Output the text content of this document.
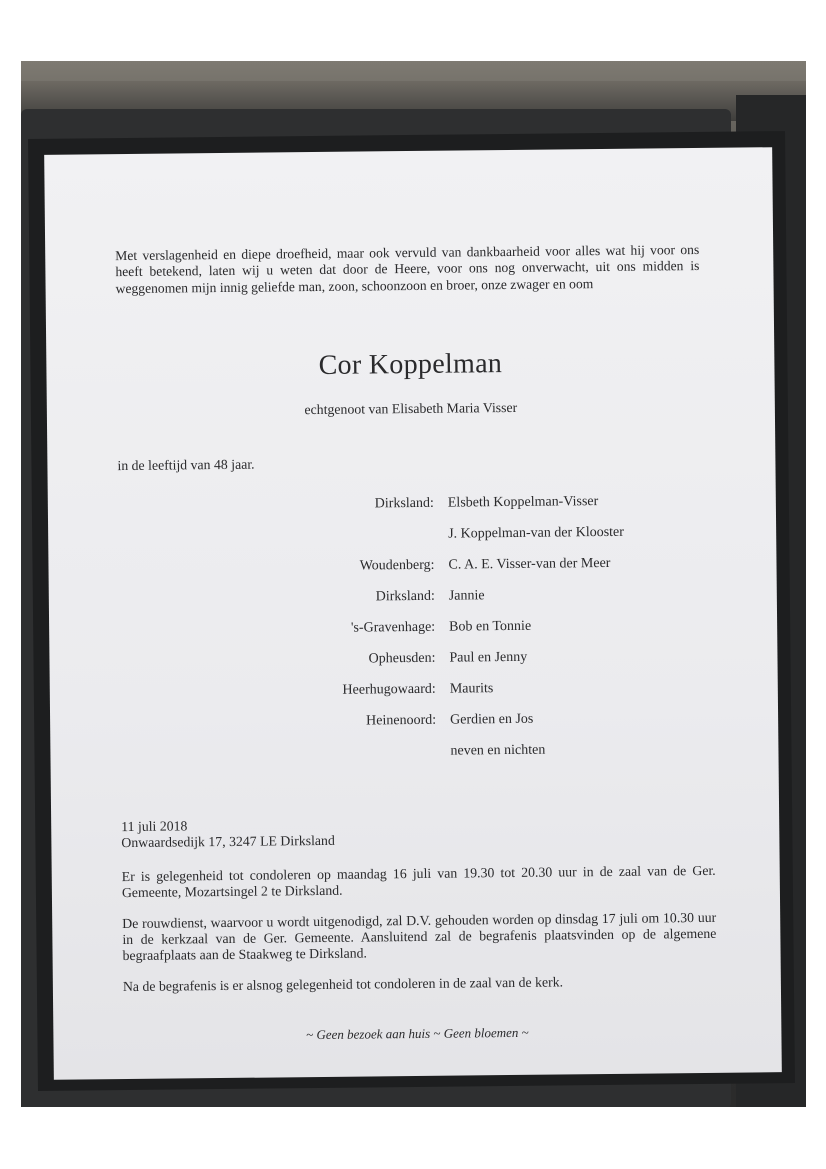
Met verslagenheid en diepe droefheid, maar ook vervuld van dankbaarheid voor alles wat hij voor ons heeft betekend, laten wij u weten dat door de Heere, voor ons nog onverwacht, uit ons midden is weggenomen mijn innig geliefde man, zoon, schoonzoon en broer, onze zwager en oom
Cor Koppelman
echtgenoot van Elisabeth Maria Visser
in de leeftijd van 48 jaar.
Dirksland: Elsbeth Koppelman-Visser
J. Koppelman-van der Klooster
Woudenberg: C. A. E. Visser-van der Meer
Dirksland: Jannie
's-Gravenhage: Bob en Tonnie
Opheusden: Paul en Jenny
Heerhugowaard: Maurits
Heinenoord: Gerdien en Jos
neven en nichten

11 juli 2018
Onwaardsedijk 17, 3247 LE Dirksland

Er is gelegenheid tot condoleren op maandag 16 juli van 19.30 tot 20.30 uur in de zaal van de Ger. Gemeente, Mozartsingel 2 te Dirksland.

De rouwdienst, waarvoor u wordt uitgenodigd, zal D.V. gehouden worden op dinsdag 17 juli om 10.30 uur in de kerkzaal van de Ger. Gemeente. Aansluitend zal de begrafenis plaatsvinden op de algemene begraafplaats aan de Staakweg te Dirksland.

Na de begrafenis is er alsnog gelegenheid tot condoleren in de zaal van de kerk.

~ Geen bezoek aan huis ~ Geen bloemen ~
